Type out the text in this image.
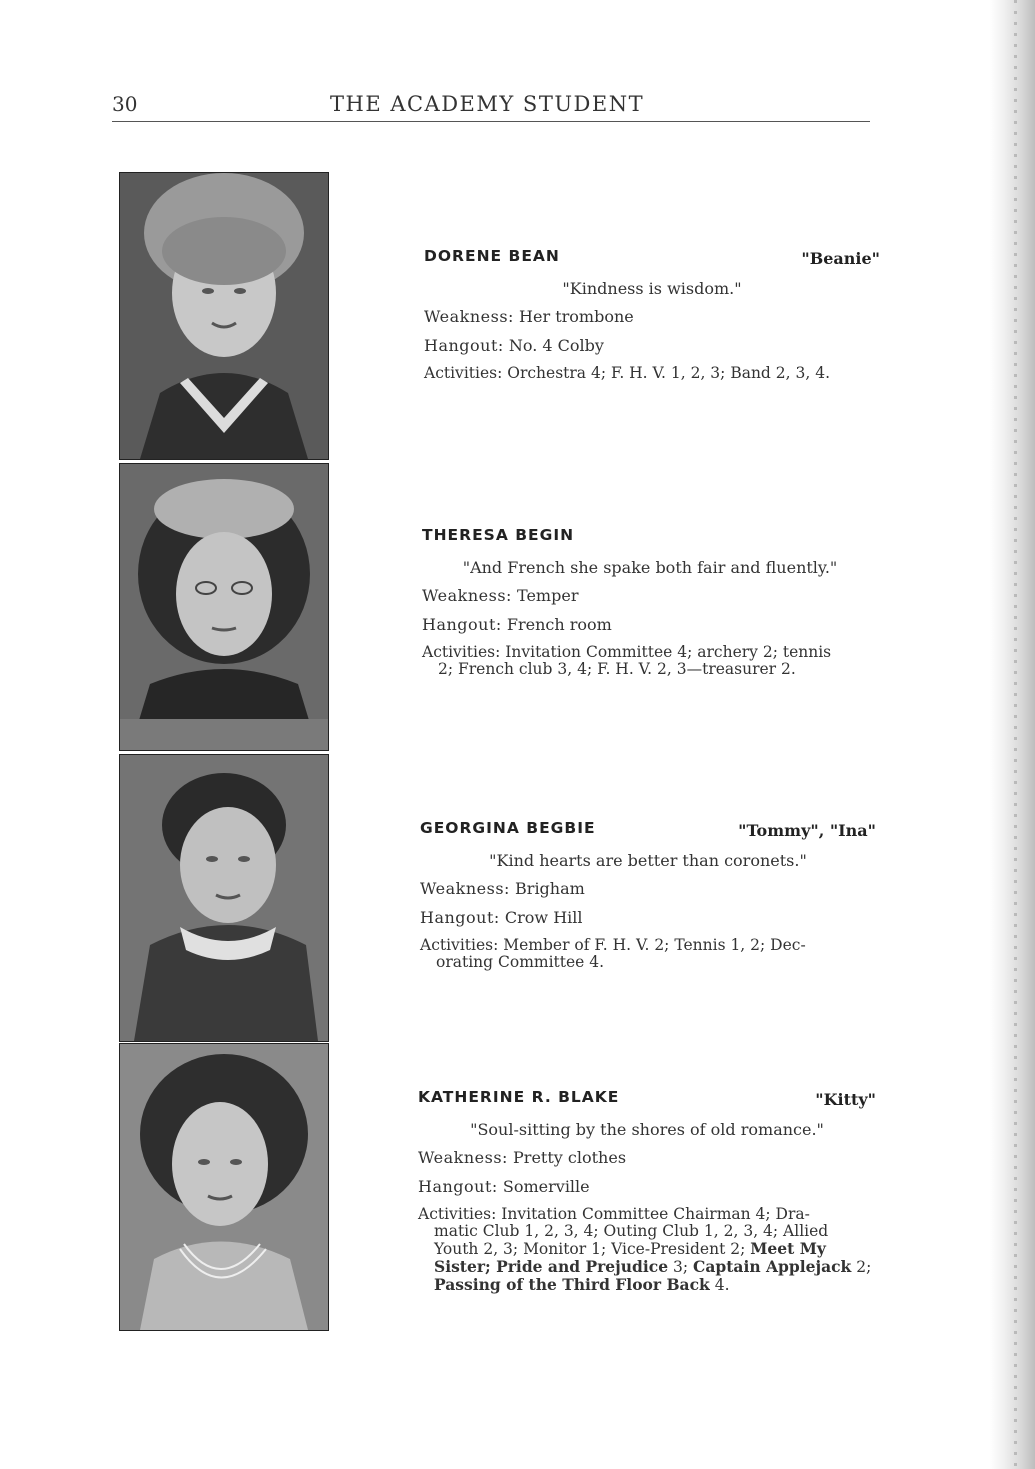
30	THE ACADEMY STUDENT
DORENE BEAN	"Beanie"
"Kindness is wisdom."
Weakness: Her trombone
Hangout: No. 4 Colby
Activities: Orchestra 4; F. H. V. 1, 2, 3; Band 2, 3, 4.
THERESA BEGIN
"And French she spake both fair and fluently."
Weakness: Temper
Hangout: French room
Activities: Invitation Committee 4; archery 2; tennis
2; French club 3, 4; F. H. V. 2, 3—treasurer 2.
GEORGINA BEGBIE	"Tommy", "Ina"
"Kind hearts are better than coronets."
Weakness: Brigham
Hangout: Crow Hill
Activities: Member of F. H. V. 2; Tennis 1, 2; Dec-
orating Committee 4.
KATHERINE R. BLAKE	"Kitty"
"Soul-sitting by the shores of old romance."
Weakness: Pretty clothes
Hangout: Somerville
Activities: Invitation Committee Chairman 4; Dra-
matic Club 1, 2, 3, 4; Outing Club 1, 2, 3, 4; Allied
Youth 2, 3; Monitor 1; Vice-President 2; Meet My
Sister; Pride and Prejudice 3; Captain Applejack 2;
Passing of the Third Floor Back 4.
